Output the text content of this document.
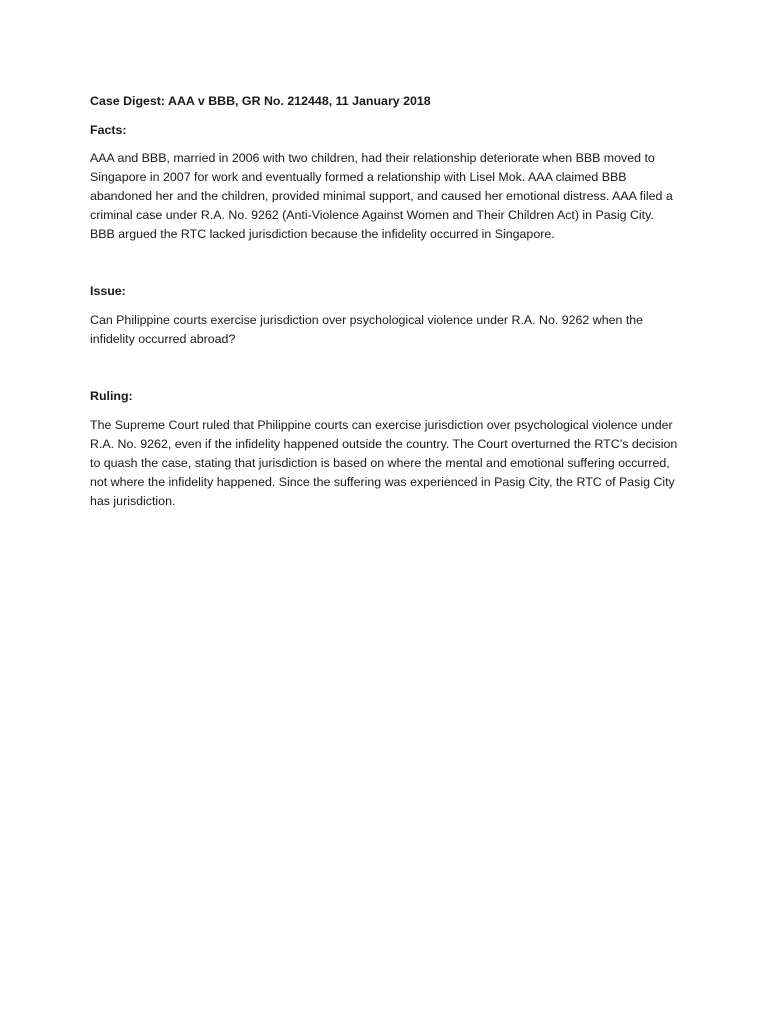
Case Digest: AAA v BBB, GR No. 212448, 11 January 2018

Facts:

AAA and BBB, married in 2006 with two children, had their relationship deteriorate when BBB moved to Singapore in 2007 for work and eventually formed a relationship with Lisel Mok. AAA claimed BBB abandoned her and the children, provided minimal support, and caused her emotional distress. AAA filed a criminal case under R.A. No. 9262 (Anti-Violence Against Women and Their Children Act) in Pasig City. BBB argued the RTC lacked jurisdiction because the infidelity occurred in Singapore.

Issue:

Can Philippine courts exercise jurisdiction over psychological violence under R.A. No. 9262 when the infidelity occurred abroad?

Ruling:

The Supreme Court ruled that Philippine courts can exercise jurisdiction over psychological violence under R.A. No. 9262, even if the infidelity happened outside the country. The Court overturned the RTC’s decision to quash the case, stating that jurisdiction is based on where the mental and emotional suffering occurred, not where the infidelity happened. Since the suffering was experienced in Pasig City, the RTC of Pasig City has jurisdiction.
